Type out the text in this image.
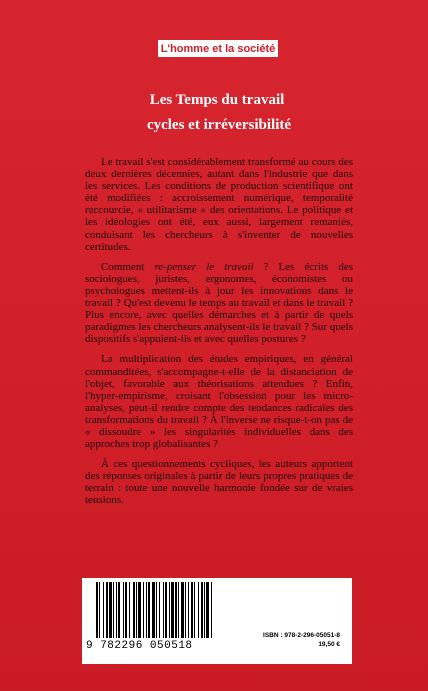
L'homme et la société
Les Temps du travail
cycles et irréversibilité

Le travail s'est considérablement transformé au cours des deux dernières décennies, autant dans l'industrie que dans les services. Les conditions de production scientifique ont été modifiées : accroissement numérique, temporalité raccourcie, « utilitarisme » des orientations. Le politique et les idéologies ont été, eux aussi, largement remaniés, conduisant les chercheurs à s'inventer de nouvelles certitudes.

Comment re-penser le travail ? Les écrits des sociologues, juristes, ergonomes, économistes ou psychologues mettent-ils à jour les innovations dans le travail ? Qu'est devenu le temps au travail et dans le travail ? Plus encore, avec quelles démarches et à partir de quels paradigmes les chercheurs analysent-ils le travail ? Sur quels dispositifs s'appuient-ils et avec quelles postures ?

La multiplication des études empiriques, en général commanditées, s'accompagne-t-elle de la distanciation de l'objet, favorable aux théorisations attendues ? Enfin, l'hyper-empirisme, croisant l'obsession pour les micro-analyses, peut-il rendre compte des tendances radicales des transformations du travail ? À l'inverse ne risque-t-on pas de « dissoudre » les singularités individuelles dans des approches trop globalisantes ?

À ces questionnements cycliques, les auteurs apportent des réponses originales à partir de leurs propres pratiques de terrain : toute une nouvelle harmonie fondée sur de vraies tensions.

9 782296 050518
ISBN : 978-2-296-05051-8
19,50 €
